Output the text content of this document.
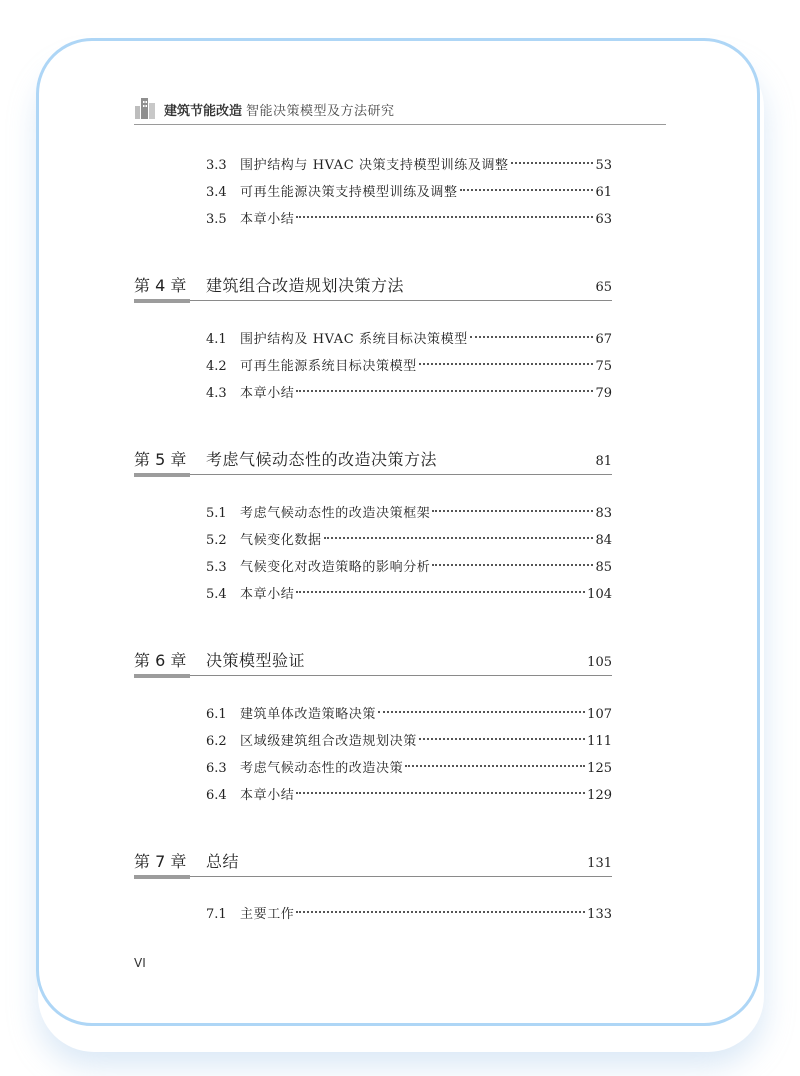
建筑节能改造 智能决策模型及方法研究
3.3	围护结构与 HVAC 决策支持模型训练及调整	53
3.4	可再生能源决策支持模型训练及调整	61
3.5	本章小结	63
第 4 章	建筑组合改造规划决策方法	65
4.1	围护结构及 HVAC 系统目标决策模型	67
4.2	可再生能源系统目标决策模型	75
4.3	本章小结	79
第 5 章	考虑气候动态性的改造决策方法	81
5.1	考虑气候动态性的改造决策框架	83
5.2	气候变化数据	84
5.3	气候变化对改造策略的影响分析	85
5.4	本章小结	104
第 6 章	决策模型验证	105
6.1	建筑单体改造策略决策	107
6.2	区域级建筑组合改造规划决策	111
6.3	考虑气候动态性的改造决策	125
6.4	本章小结	129
第 7 章	总结	131
7.1	主要工作	133
VI
